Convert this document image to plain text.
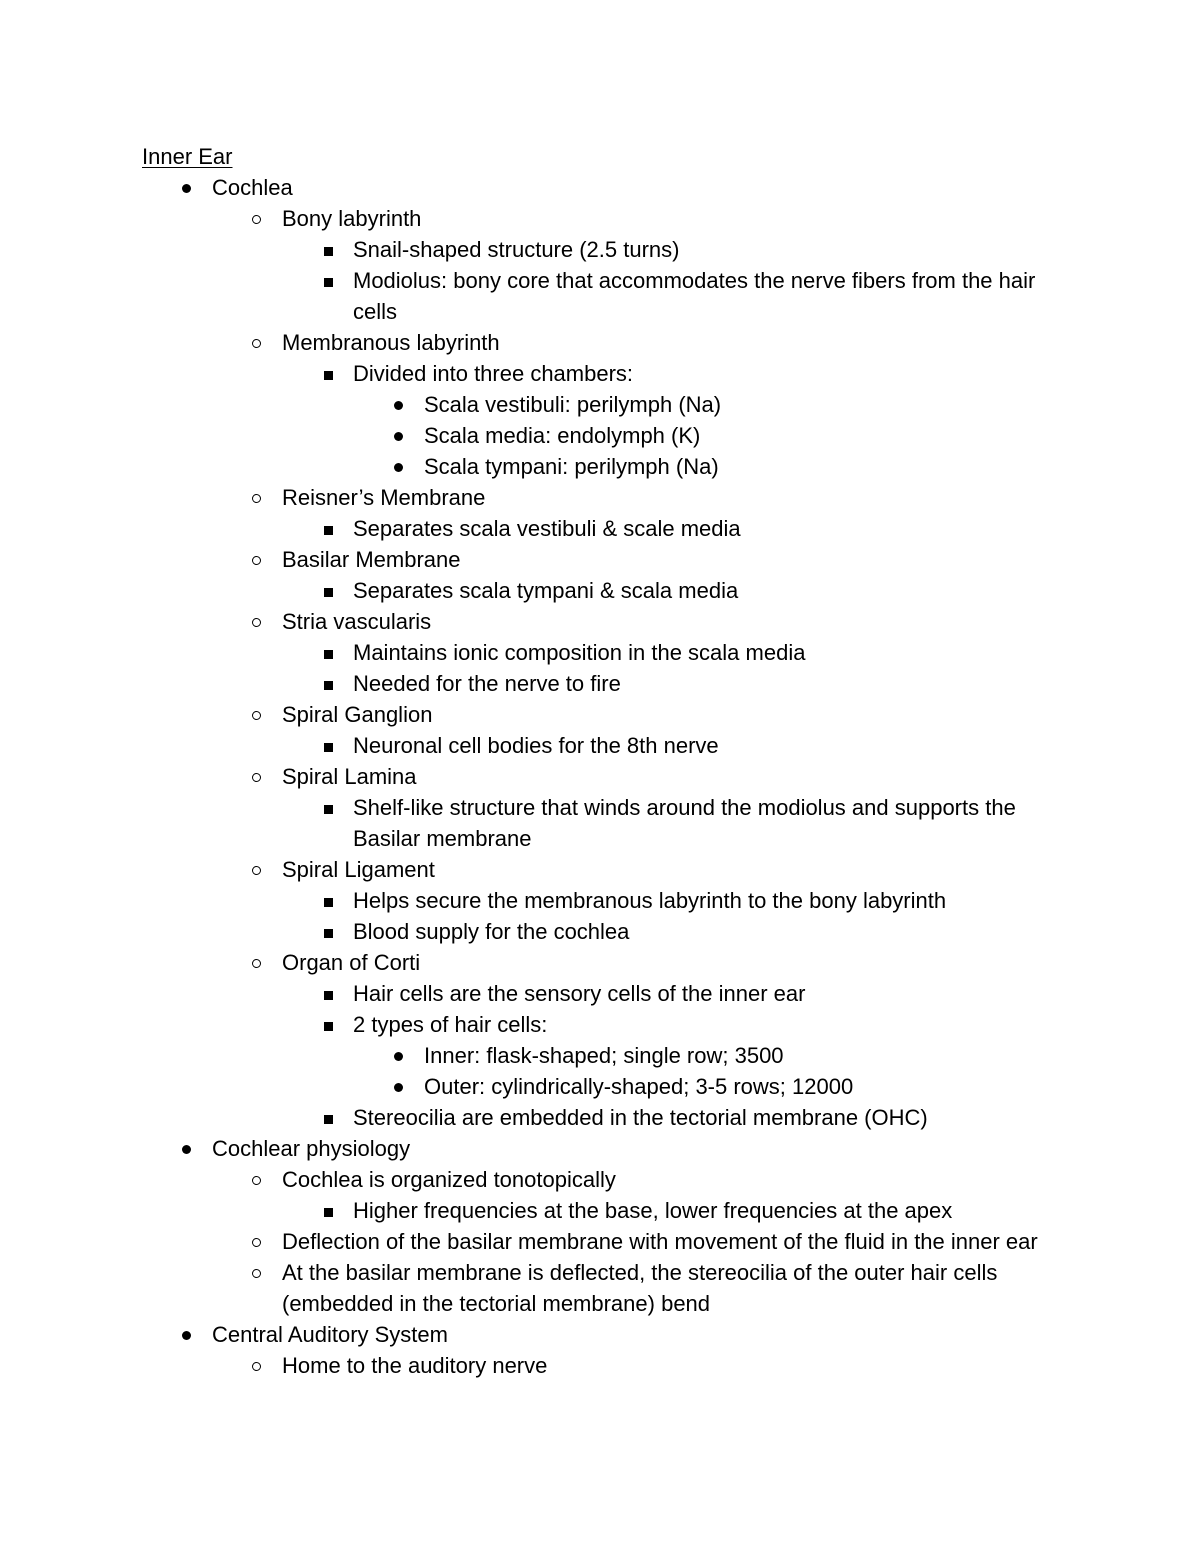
Inner Ear
Cochlea
Bony labyrinth
Snail-shaped structure (2.5 turns)
Modiolus: bony core that accommodates the nerve fibers from the hair cells
Membranous labyrinth
Divided into three chambers:
Scala vestibuli: perilymph (Na)
Scala media: endolymph (K)
Scala tympani: perilymph (Na)
Reisner’s Membrane
Separates scala vestibuli & scale media
Basilar Membrane
Separates scala tympani & scala media
Stria vascularis
Maintains ionic composition in the scala media
Needed for the nerve to fire
Spiral Ganglion
Neuronal cell bodies for the 8th nerve
Spiral Lamina
Shelf-like structure that winds around the modiolus and supports the Basilar membrane
Spiral Ligament
Helps secure the membranous labyrinth to the bony labyrinth
Blood supply for the cochlea
Organ of Corti
Hair cells are the sensory cells of the inner ear
2 types of hair cells:
Inner: flask-shaped; single row; 3500
Outer: cylindrically-shaped; 3-5 rows; 12000
Stereocilia are embedded in the tectorial membrane (OHC)
Cochlear physiology
Cochlea is organized tonotopically
Higher frequencies at the base, lower frequencies at the apex
Deflection of the basilar membrane with movement of the fluid in the inner ear
At the basilar membrane is deflected, the stereocilia of the outer hair cells (embedded in the tectorial membrane) bend
Central Auditory System
Home to the auditory nerve
